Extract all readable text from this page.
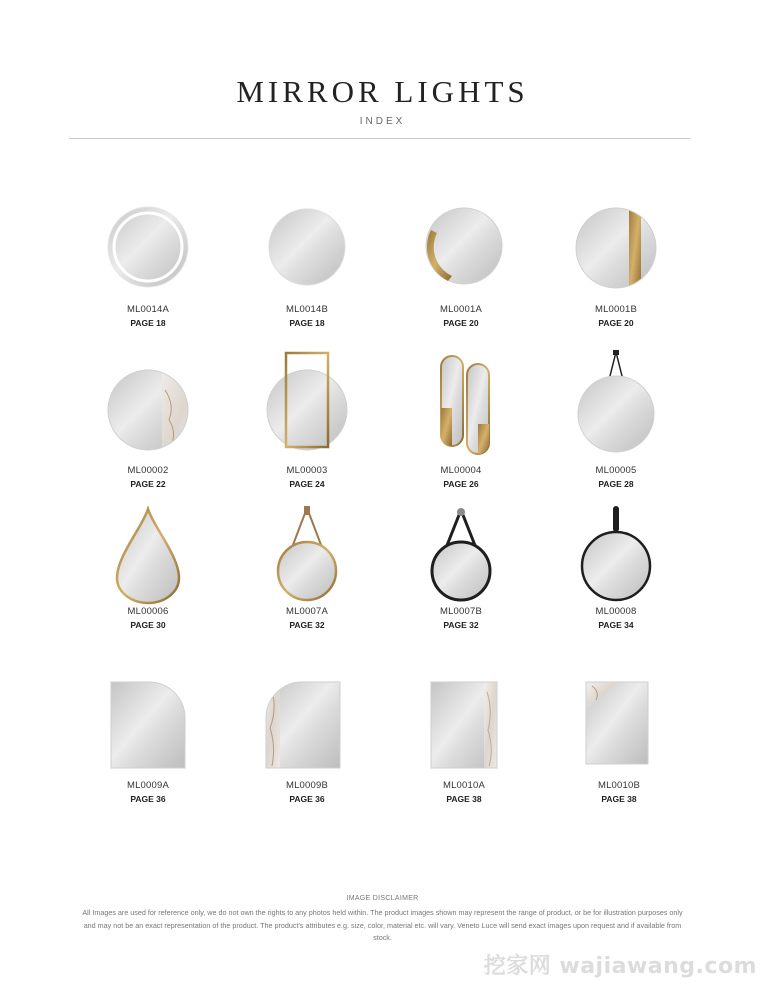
MIRROR LIGHTS
INDEX
ML0014A
PAGE 18
ML0014B
PAGE 18
ML0001A
PAGE 20
ML0001B
PAGE 20
ML00002
PAGE 22
ML00003
PAGE 24
ML00004
PAGE 26
ML00005
PAGE 28
ML00006
PAGE 30
ML0007A
PAGE 32
ML0007B
PAGE 32
ML00008
PAGE 34
ML0009A
PAGE 36
ML0009B
PAGE 36
ML0010A
PAGE 38
ML0010B
PAGE 38
IMAGE DISCLAIMER
All Images are used for reference only, we do not own the rights to any photos held within. The product images shown may represent the range of product, or be for illustration purposes only and may not be an exact representation of the product. The product's attributes e.g. size, color, material etc. will vary. Veneto Luce will send exact images upon request and if available from stock.
挖家网 wajiawang.com
